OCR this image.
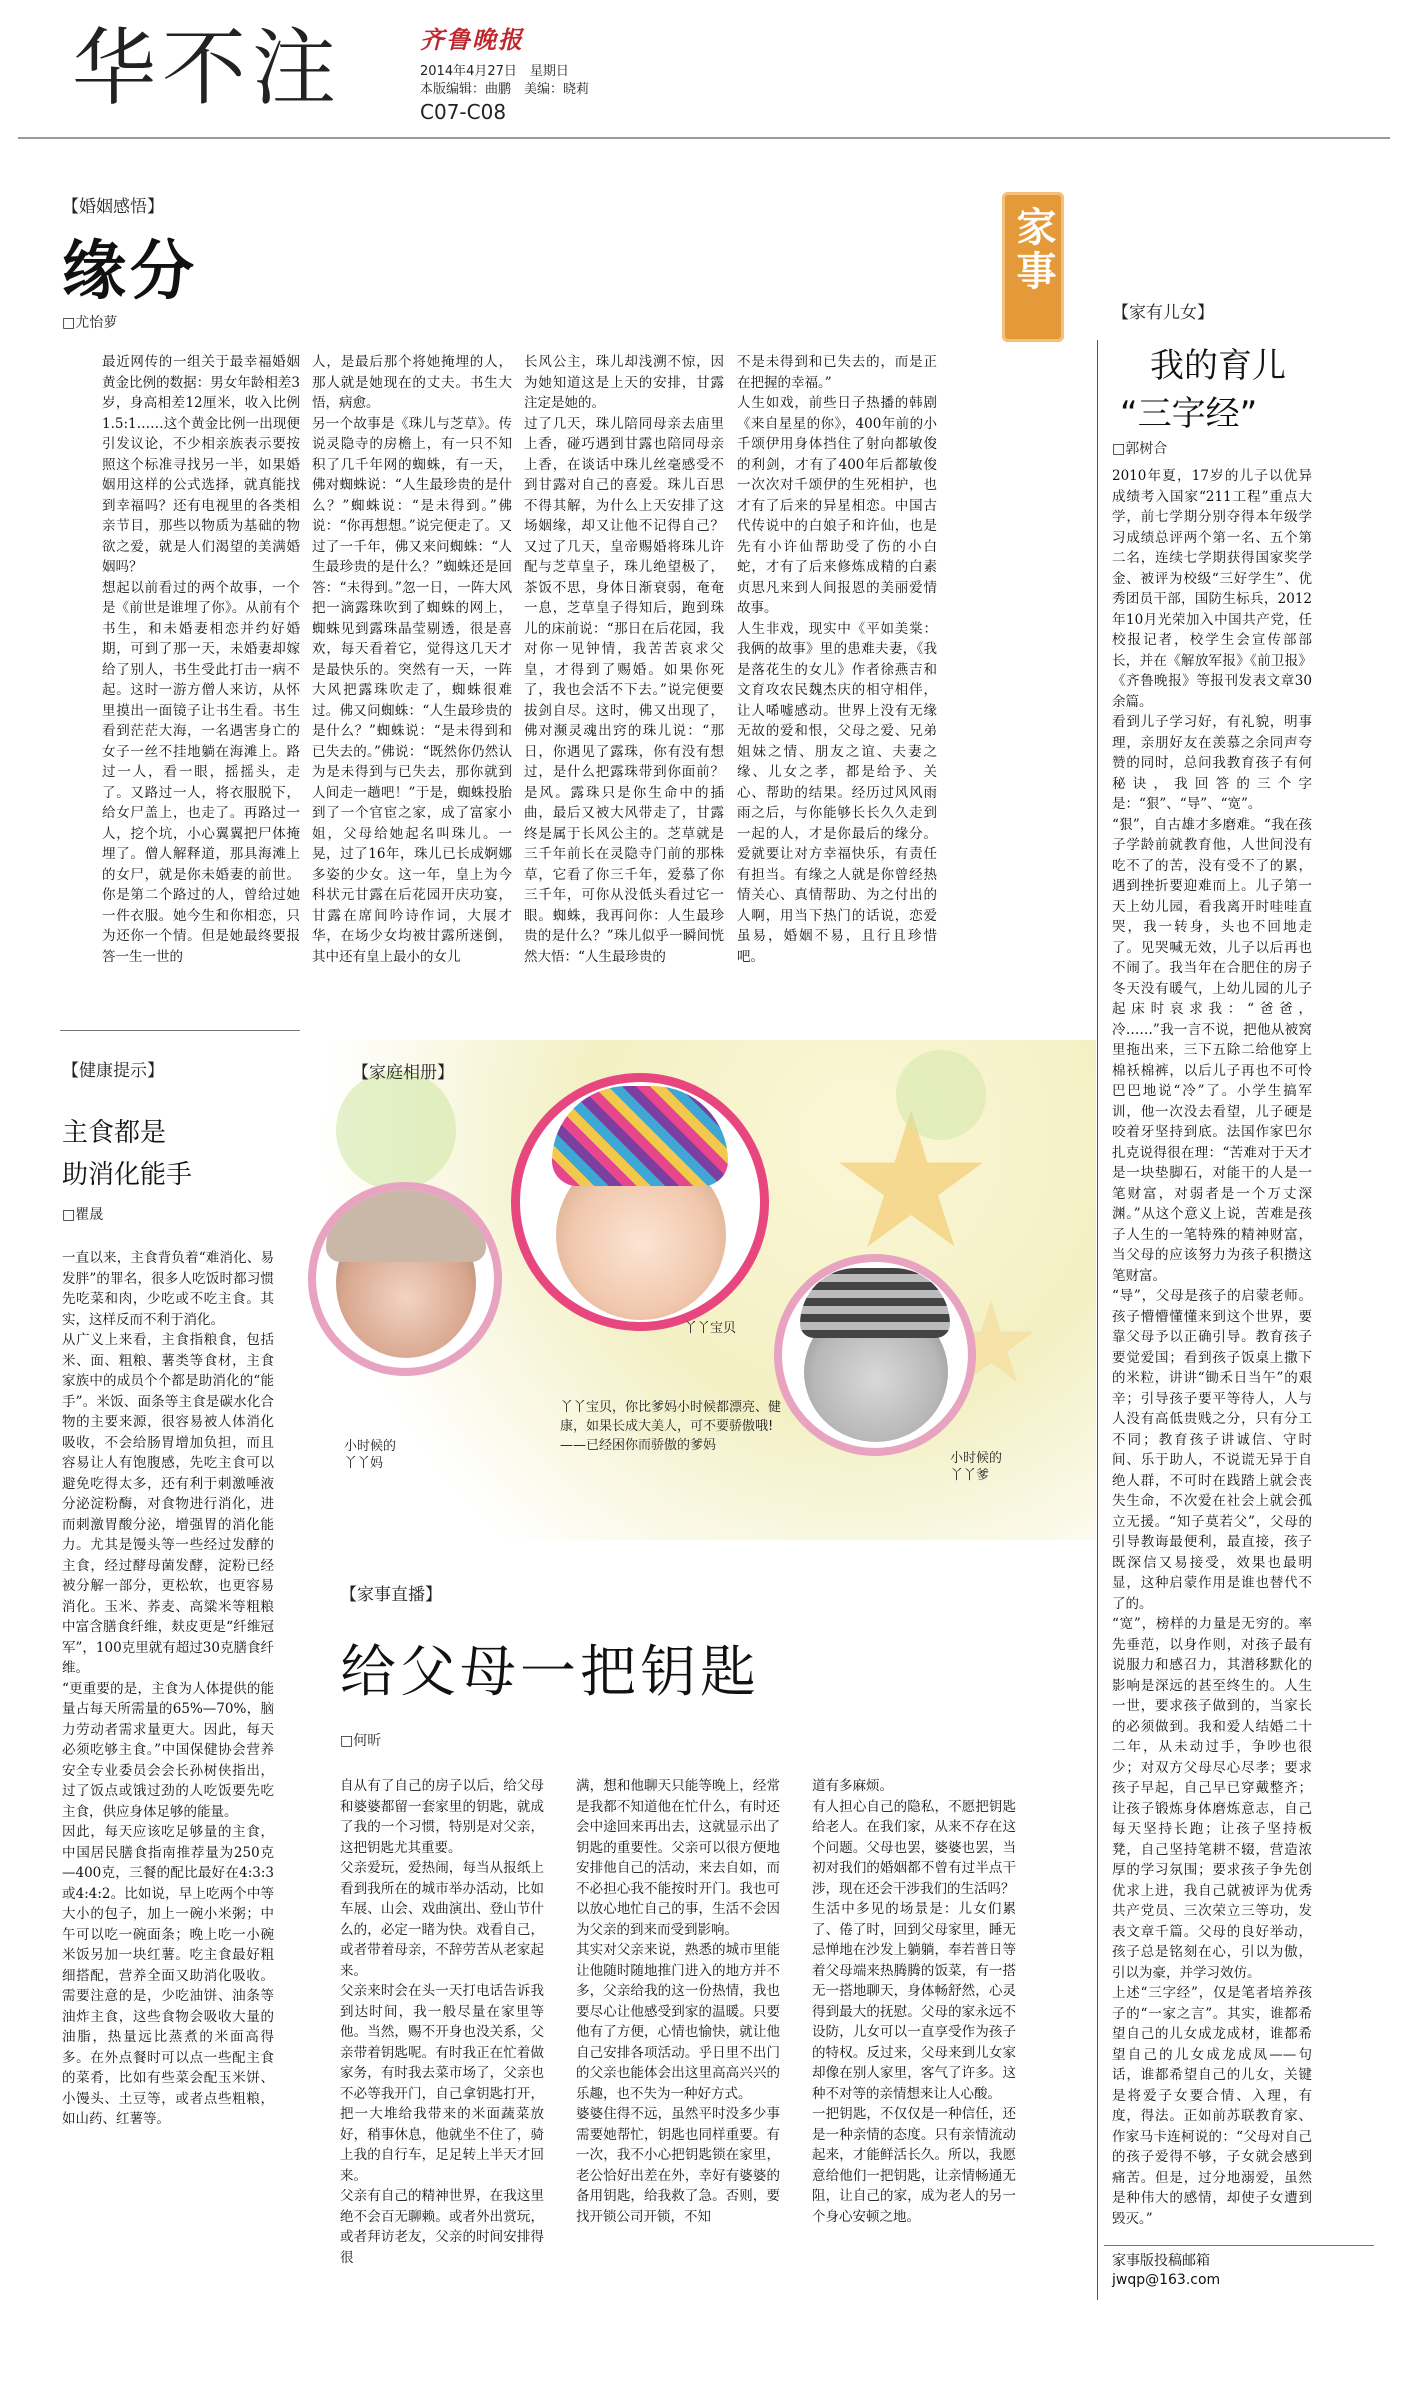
华不注	齐鲁晚报
2014年4月27日　星期日
本版编辑：曲鹏　美编：晓莉
C07-C08
【婚姻感悟】
缘分
□尤怡萝
最近网传的一组关于最幸福婚姻黄金比例的数据：男女年龄相差3岁，身高相差12厘米，收入比例1.5:1……这个黄金比例一出现便引发议论，不少相亲族表示要按照这个标准寻找另一半，如果婚姻用这样的公式选择，就真能找到幸福吗？还有电视里的各类相亲节目，那些以物质为基础的物欲之爱，就是人们渴望的美满婚姻吗？
想起以前看过的两个故事，一个是《前世是谁埋了你》。从前有个书生，和未婚妻相恋并约好婚期，可到了那一天，未婚妻却嫁给了别人，书生受此打击一病不起。这时一游方僧人来访，从怀里摸出一面镜子让书生看。书生看到茫茫大海，一名遇害身亡的女子一丝不挂地躺在海滩上。路过一人，看一眼，摇摇头，走了。又路过一人，将衣服脱下，给女尸盖上，也走了。再路过一人，挖个坑，小心翼翼把尸体掩埋了。僧人解释道，那具海滩上的女尸，就是你未婚妻的前世。你是第二个路过的人，曾给过她一件衣服。她今生和你相恋，只为还你一个情。但是她最终要报答一生一世的
人，是最后那个将她掩埋的人，那人就是她现在的丈夫。书生大悟，病愈。
另一个故事是《珠儿与芝草》。传说灵隐寺的房檐上，有一只不知积了几千年网的蜘蛛，有一天，佛对蜘蛛说：“人生最珍贵的是什么？”蜘蛛说：“是未得到。”佛说：“你再想想。”说完便走了。又过了一千年，佛又来问蜘蛛：“人生最珍贵的是什么？”蜘蛛还是回答：“未得到。”忽一日，一阵大风把一滴露珠吹到了蜘蛛的网上，蜘蛛见到露珠晶莹剔透，很是喜欢，每天看着它，觉得这几天才是最快乐的。突然有一天，一阵大风把露珠吹走了，蜘蛛很难过。佛又问蜘蛛：“人生最珍贵的是什么？”蜘蛛说：“是未得到和已失去的。”佛说：“既然你仍然认为是未得到与已失去，那你就到人间走一趟吧！”于是，蜘蛛投胎到了一个官宦之家，成了富家小姐，父母给她起名叫珠儿。一晃，过了16年，珠儿已长成婀娜多姿的少女。这一年，皇上为今科状元甘露在后花园开庆功宴，甘露在席间吟诗作词，大展才华，在场少女均被甘露所迷倒，其中还有皇上最小的女儿
长风公主，珠儿却浅溯不惊，因为她知道这是上天的安排，甘露注定是她的。
过了几天，珠儿陪同母亲去庙里上香，碰巧遇到甘露也陪同母亲上香，在谈话中珠儿丝毫感受不到甘露对自己的喜爱。珠儿百思不得其解，为什么上天安排了这场姻缘，却又让他不记得自己？又过了几天，皇帝赐婚将珠儿许配与芝草皇子，珠儿绝望极了，茶饭不思，身体日渐衰弱，奄奄一息，芝草皇子得知后，跑到珠儿的床前说：“那日在后花园，我对你一见钟情，我苦苦哀求父皇，才得到了赐婚。如果你死了，我也会活不下去。”说完便要拔剑自尽。这时，佛又出现了，佛对濒灵魂出窍的珠儿说：“那日，你遇见了露珠，你有没有想过，是什么把露珠带到你面前？是风。露珠只是你生命中的插曲，最后又被大风带走了，甘露终是属于长风公主的。芝草就是三千年前长在灵隐寺门前的那株草，它看了你三千年，爱慕了你三千年，可你从没低头看过它一眼。蜘蛛，我再问你：人生最珍贵的是什么？”珠儿似乎一瞬间恍然大悟：“人生最珍贵的
不是未得到和已失去的，而是正在把握的幸福。”
人生如戏，前些日子热播的韩剧《来自星星的你》，400年前的小千颂伊用身体挡住了射向都敏俊的利剑，才有了400年后都敏俊一次次对千颂伊的生死相护，也才有了后来的异星相恋。中国古代传说中的白娘子和许仙，也是先有小许仙帮助受了伤的小白蛇，才有了后来修炼成精的白素贞思凡来到人间报恩的美丽爱情故事。
人生非戏，现实中《平如美棠：我俩的故事》里的患难夫妻，《我是落花生的女儿》作者徐燕吉和文育攻农民魏杰庆的相守相伴，让人唏嘘感动。世界上没有无缘无故的爱和恨，父母之爱、兄弟姐妹之情、朋友之谊、夫妻之缘、儿女之孝，都是给予、关心、帮助的结果。经历过风风雨雨之后，与你能够长长久久走到一起的人，才是你最后的缘分。爱就要让对方幸福快乐，有责任有担当。有缘之人就是你曾经热情关心、真情帮助、为之付出的人啊，用当下热门的话说，恋爱虽易，婚姻不易，且行且珍惜吧。
家事
【家有儿女】
我的育儿
“三字经”
□郭树合
2010年夏，17岁的儿子以优异成绩考入国家“211工程”重点大学，前七学期分别夺得本年级学习成绩总评两个第一名、五个第二名，连续七学期获得国家奖学金、被评为校级“三好学生”、优秀团员干部，国防生标兵，2012年10月光荣加入中国共产党，任校报记者，校学生会宣传部部长，并在《解放军报》《前卫报》《齐鲁晚报》等报刊发表文章30余篇。
看到儿子学习好，有礼貌，明事理，亲朋好友在羡慕之余同声夸赞的同时，总问我教育孩子有何秘诀，我回答的三个字是：“狠”、“导”、“宽”。
“狠”，自古雄才多磨难。“我在孩子学龄前就教育他，人世间没有吃不了的苦，没有受不了的累，遇到挫折要迎难而上。儿子第一天上幼儿园，看我离开时哇哇直哭，我一转身，头也不回地走了。见哭喊无效，儿子以后再也不闹了。我当年在合肥住的房子冬天没有暖气，上幼儿园的儿子起床时哀求我：“爸爸，冷……”我一言不说，把他从被窝里拖出来，三下五除二给他穿上棉袄棉裤，以后儿子再也不可怜巴巴地说“冷”了。小学生搞军训，他一次没去看望，儿子硬是咬着牙坚持到底。法国作家巴尔扎克说得很在理：“苦难对于天才是一块垫脚石，对能干的人是一笔财富，对弱者是一个万丈深渊。”从这个意义上说，苦难是孩子人生的一笔特殊的精神财富，当父母的应该努力为孩子积攒这笔财富。
“导”，父母是孩子的启蒙老师。孩子懵懵懂懂来到这个世界，要靠父母予以正确引导。教育孩子要觉爱国；看到孩子饭桌上撒下的米粒，讲讲“锄禾日当午”的艰辛；引导孩子要平等待人，人与人没有高低贵贱之分，只有分工不同；教育孩子讲诚信、守时间、乐于助人，不说谎无异于自绝人群，不可时在践踏上就会丧失生命，不次爱在社会上就会孤立无援。“知子莫若父”，父母的引导教诲最便利，最直接，孩子既深信又易接受，效果也最明显，这种启蒙作用是谁也替代不了的。
“宽”，榜样的力量是无穷的。率先垂范，以身作则，对孩子最有说服力和感召力，其潜移默化的影响是深远的甚至终生的。人生一世，要求孩子做到的，当家长的必须做到。我和爱人结婚二十二年，从未动过手，争吵也很少；对双方父母尽心尽孝；要求孩子早起，自己早已穿戴整齐；让孩子锻炼身体磨炼意志，自己每天坚持长跑；让孩子坚持板凳，自己坚持笔耕不辍，营造浓厚的学习氛围；要求孩子争先创优求上进，我自己就被评为优秀共产党员、三次荣立三等功，发表文章千篇。父母的良好举动，孩子总是铭刻在心，引以为傲，引以为豪，并学习效仿。
上述“三字经”，仅是笔者培养孩子的“一家之言”。其实，谁都希望自己的儿女成龙成材，谁都希望自己的儿女成龙成凤——句话，谁都希望自己的儿女，关键是将爱子女要合情、入理，有度，得法。正如前苏联教育家、作家马卡连柯说的：“父母对自己的孩子爱得不够，子女就会感到痛苦。但是，过分地溺爱，虽然是种伟大的感情，却使子女遭到毁灭。”
家事版投稿邮箱
jwqp@163.com
【健康提示】
主食都是
助消化能手
□瞿晟
一直以来，主食背负着“难消化、易发胖”的罪名，很多人吃饭时都习惯先吃菜和肉，少吃或不吃主食。其实，这样反而不利于消化。
从广义上来看，主食指粮食，包括米、面、粗粮、薯类等食材，主食家族中的成员个个都是助消化的“能手”。米饭、面条等主食是碳水化合物的主要来源，很容易被人体消化吸收，不会给肠胃增加负担，而且容易让人有饱腹感，先吃主食可以避免吃得太多，还有利于刺激唾液分泌淀粉酶，对食物进行消化，进而刺激胃酸分泌，增强胃的消化能力。尤其是馒头等一些经过发酵的主食，经过酵母菌发酵，淀粉已经被分解一部分，更松软，也更容易消化。玉米、荞麦、高粱米等粗粮中富含膳食纤维，麸皮更是“纤维冠军”，100克里就有超过30克膳食纤维。
“更重要的是，主食为人体提供的能量占每天所需量的65%—70%，脑力劳动者需求量更大。因此，每天必须吃够主食。”中国保健协会营养安全专业委员会会长孙树侠指出，过了饭点或饿过劲的人吃饭要先吃主食，供应身体足够的能量。
因此，每天应该吃足够量的主食，中国居民膳食指南推荐量为250克—400克，三餐的配比最好在4:3:3或4:4:2。比如说，早上吃两个中等大小的包子，加上一碗小米粥；中午可以吃一碗面条；晚上吃一小碗米饭另加一块红薯。吃主食最好粗细搭配，营养全面又助消化吸收。需要注意的是，少吃油饼、油条等油炸主食，这些食物会吸收大量的油脂，热量远比蒸煮的米面高得多。在外点餐时可以点一些配主食的菜肴，比如有些菜会配玉米饼、小馒头、土豆等，或者点些粗粮，如山药、红薯等。
【家庭相册】
丫丫宝贝
小时候的
丫丫妈	小时候的
丫丫爹
丫丫宝贝，你比爹妈小时候都漂亮、健康，如果长成大美人，可不要骄傲哦! ——已经困你而骄傲的爹妈
【家事直播】
给父母一把钥匙
□何昕
自从有了自己的房子以后，给父母和婆婆都留一套家里的钥匙，就成了我的一个习惯，特别是对父亲，这把钥匙尤其重要。
父亲爱玩，爱热闹，每当从报纸上看到我所在的城市举办活动，比如车展、山会、戏曲演出、登山节什么的，必定一睹为快。戏看自己，或者带着母亲，不辞劳苦从老家起来。
父亲来时会在头一天打电话告诉我到达时间，我一般尽量在家里等他。当然，赐不开身也没关系，父亲带着钥匙呢。有时我正在忙着做家务，有时我去菜市场了，父亲也不必等我开门，自己拿钥匙打开，把一大堆给我带来的米面蔬菜放好，稍事休息，他就坐不住了，骑上我的自行车，足足转上半天才回来。
父亲有自己的精神世界，在我这里绝不会百无聊赖。或者外出赏玩，或者拜访老友，父亲的时间安排得很
满，想和他聊天只能等晚上，经常是我都不知道他在忙什么，有时还会中途回来再出去，这就显示出了钥匙的重要性。父亲可以很方便地安排他自己的活动，来去自如，而不必担心我不能按时开门。我也可以放心地忙自己的事，生活不会因为父亲的到来而受到影响。
其实对父亲来说，熟悉的城市里能让他随时随地推门进入的地方并不多，父亲给我的这一份热情，我也要尽心让他感受到家的温暖。只要他有了方便，心情也愉快，就让他自己安排各项活动。乎日里不出门的父亲也能体会出这里高高兴兴的乐趣，也不失为一种好方式。
婆婆住得不远，虽然平时没多少事需要她帮忙，钥匙也同样重要。有一次，我不小心把钥匙锁在家里，老公恰好出差在外，幸好有婆婆的备用钥匙，给我救了急。否则，要找开锁公司开锁，不知
道有多麻烦。
有人担心自己的隐私，不愿把钥匙给老人。在我们家，从来不存在这个问题。父母也罢，婆婆也罢，当初对我们的婚姻都不曾有过半点干涉，现在还会干涉我们的生活吗？
生活中多见的场景是：儿女们累了、倦了时，回到父母家里，睡无忌惮地在沙发上躺躺，奉若普日等着父母端来热腾腾的饭菜，有一搭无一搭地聊天，身体畅舒然，心灵得到最大的抚慰。父母的家永远不设防，儿女可以一直享受作为孩子的特权。反过来，父母来到儿女家却像在别人家里，客气了许多。这种不对等的亲情想来让人心酸。
一把钥匙，不仅仅是一种信任，还是一种亲情的态度。只有亲情流动起来，才能鲜活长久。所以，我愿意给他们一把钥匙，让亲情畅通无阻，让自己的家，成为老人的另一个身心安顿之地。
